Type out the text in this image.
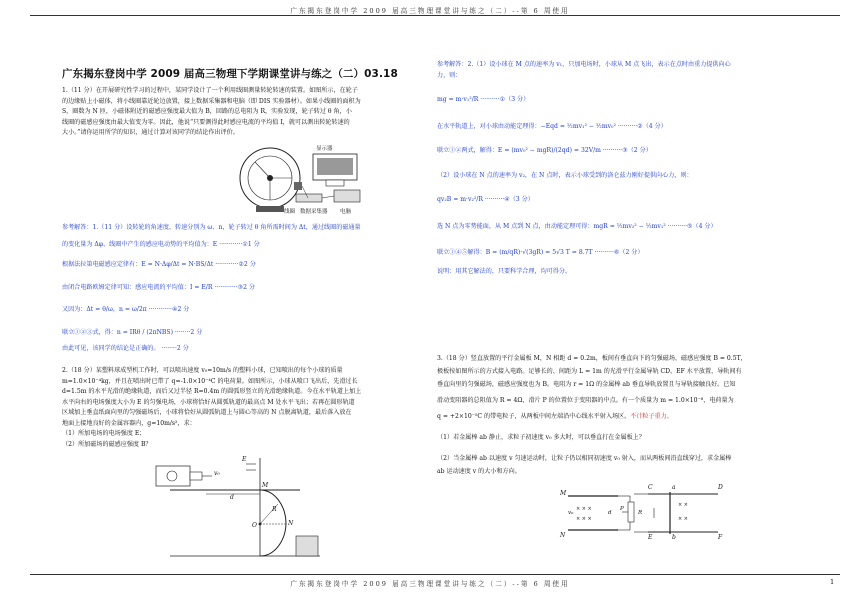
广东揭东登岗中学 2009 届高三物理课堂讲与练之（二）--第 6 周使用
广东揭东登岗中学 2009 届高三物理下学期课堂讲与练之（二）03.18

1.（11 分）在开展研究性学习的过程中，某同学设计了一个利用线圈测量转轮转速的装置。如图所示，在轮子

的边缘贴上小磁体，将小线圈靠近轮边放置，接上数据采集器和电脑（即 DIS 实验器材）。如果小线圈的面积为

S，圈数为 N 匝，小磁体附近的磁感应强度最大值为 B，回路的总电阻为 R，实验发现，轮子转过 θ 角，小

线圈的磁感应强度由最大值变为零。因此，他说“只要测得此时感应电流的平均值 I，就可以测出转轮转速的

大小。”请你运用所学的知识，通过计算对该同学的结论作出评价。

显示器
线圈 数据采集器 电脑

参考解答：1.（11 分）设转轮的角速度、转速分别为 ω、n，轮子转过 θ 角所需时间为 Δt，通过线圈的磁通量

的变化量为 Δφ，线圈中产生的感应电动势的平均值为：E ············①1 分

根据法拉第电磁感应定律有：E = N·Δφ/Δt = N·BS/Δt ············②2 分

由闭合电路欧姆定律可知：感应电流的平均值：I = E/R ············③2 分

又因为：Δt = θ/ω，n = ω/2π ············④2 分

联立①②③式，得：n = IRθ / (2πNBS) ········2 分

由此可见，该同学的结论是正确的。 ········2 分

2.（18 分）某塑料球成型机工作时，可以喷出速度 v₀=10m/s 的塑料小球，已知喷出的每个小球的质量

m=1.0×10⁻⁴kg，并且在喷出时已带了 q=-1.0×10⁻⁴C 的电荷量。如图所示，小球从喷口飞出后，先滑过长

d=1.5m 的水平光滑的绝缘轨道，而后又过半径 R=0.4m 的圆弧形竖立的光滑绝缘轨道。今在水平轨道上加上

水平向右的电场强度大小为 E 的匀强电场，小球将恰好从圆弧轨道的最高点 M 处水平飞出；若再在圆形轨道

区域加上垂直纸面向里的匀强磁场后，小球将恰好从圆弧轨道上与圆心等高的 N 点脱离轨道，最后落入放在

地面上接地良好的金属容器内，g=10m/s²，求：

（1）所加电场的电场强度 E；

（2）所加磁场的磁感应强度 B？

E
d
M
N
O
v₀
R

参考解答：2.（1）设小球在 M 点的速率为 v₁，只加电场时，小球从 M 点飞出，表示在点时由重力提供向心

力，则：

mg = m·v₁²/R ··········①（3 分）

在水平轨道上，对小球由动能定理得：−Eqd = ½mv₁² − ½mv₀² ··········②（4 分）

联立①②两式，解得：E = (mv₀² − mgR)/(2qd) = 32V/m ··········③（2 分）

（2）设小球在 N 点的速率为 v₂，在 N 点时，表示小球受到的洛仑兹力刚好提供向心力，则：

qv₂B = m·v₂²/R ··········④（3 分）

选 N 点为零势能面，从 M 点到 N 点，由动能定理可得：mgR = ½mv₂² − ½mv₁² ··········⑤（4 分）

联立①④⑤解得：B = (m/qR)·√(3gR) = 5√3 T = 8.7T ··········⑥（2 分）

说明：用其它解法的，只要科学合理，均可得分。

3.（18 分）竖直放置的平行金属板 M，N 相距 d = 0.2m，板间有垂直向下的匀强磁场，磁感应强度 B = 0.5T，

极板按如图所示的方式接入电路。足够长的、间距为 L = 1m 的光滑平行金属导轨 CD、EF 水平放置，导轨间有

垂直向里的匀强磁场，磁感应强度也为 B。电阻为 r = 1Ω 的金属棒 ab 垂直导轨放置且与导轨接触良好。已知

滑动变阻器的总阻值为 R = 4Ω，滑片 P 的位置位于变阻器的中点。有一个质量为 m = 1.0×10⁻⁸，电荷量为

q = +2×10⁻⁵C 的带电粒子，从两板中间左端沿中心线水平射入场区。不计粒子重力。

（1）若金属棒 ab 静止，求粒子初速度 v₀ 多大时，可以垂直打在金属板上？

（2）当金属棒 ab 以速度 v 匀速运动时，让粒子仍以相同初速度 v₀ 射入，而从两板间沿直线穿过，求金属棒

ab 运动速度 v 的大小和方向。

× × ×
× × ×
× ×
× ×
M
N
v₀	d
P
R
C
E
a
b
D
F
广东揭东登岗中学 2009 届高三物理课堂讲与练之（二）--第 6 周使用	1
